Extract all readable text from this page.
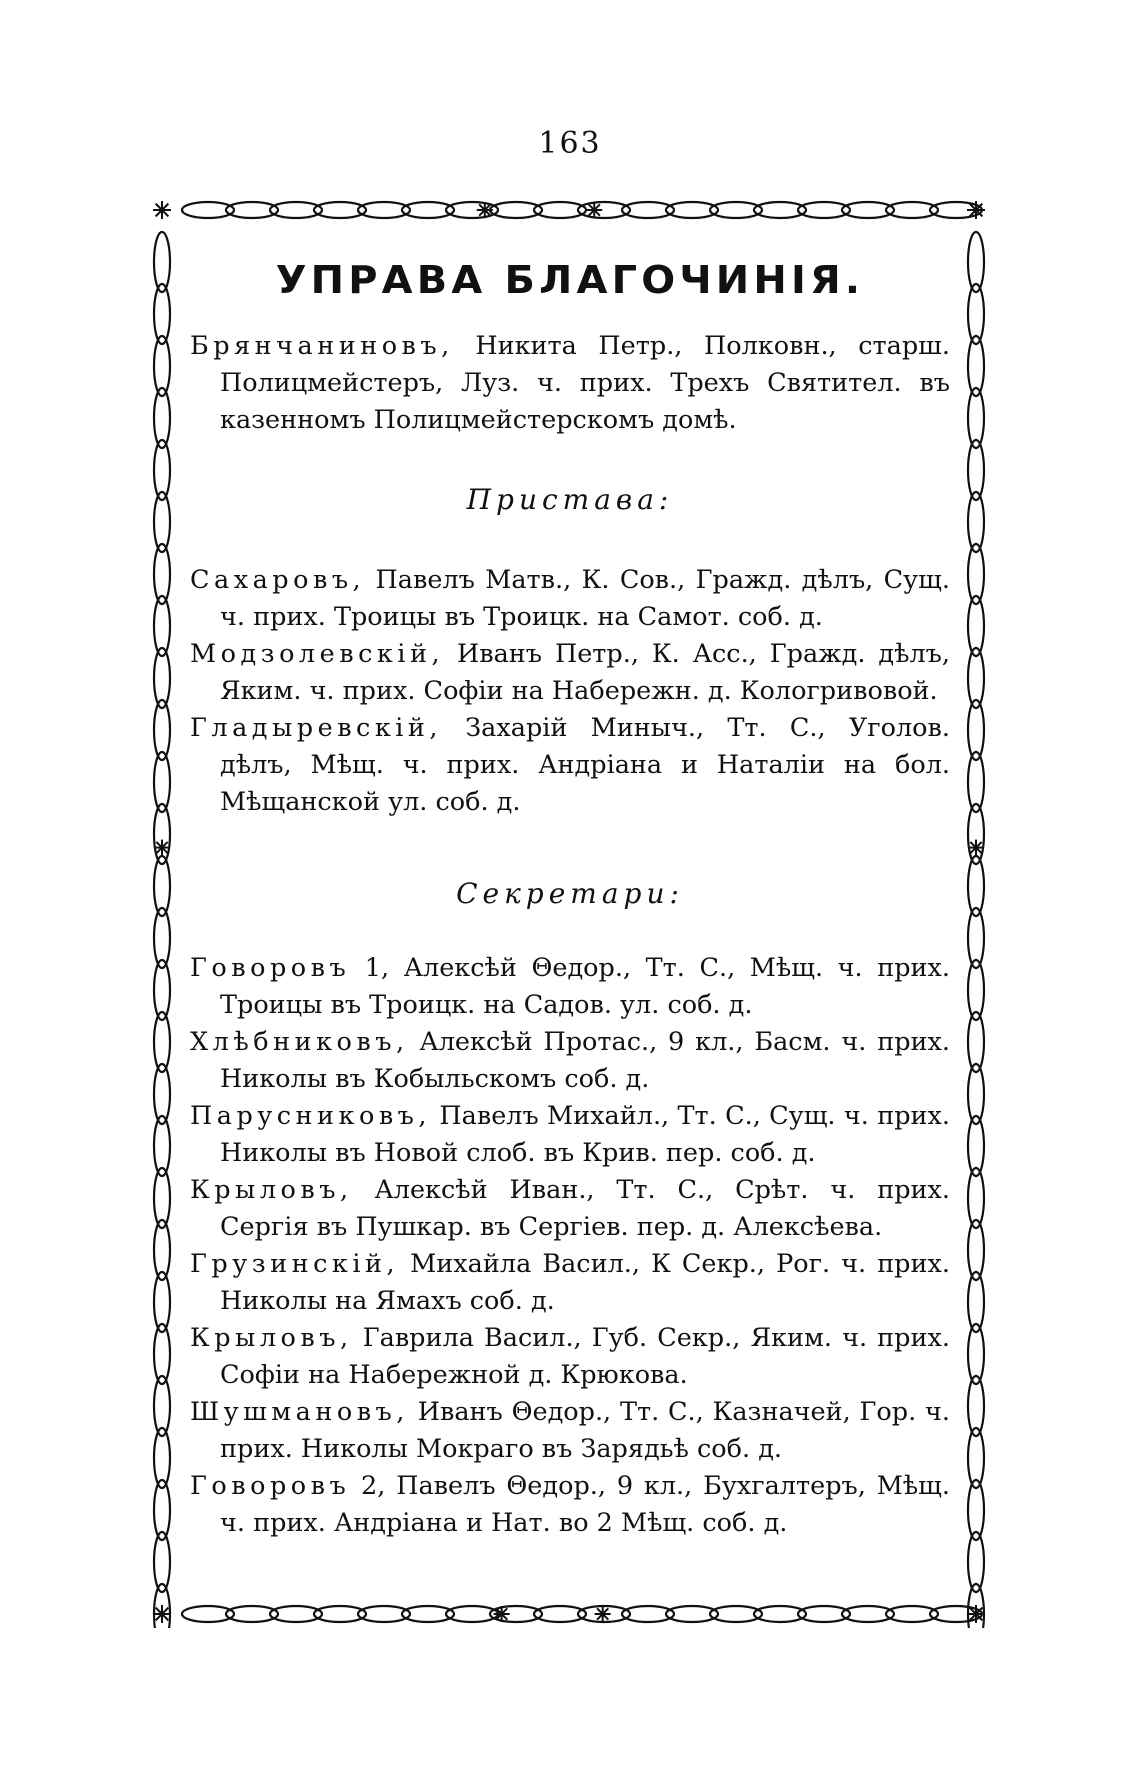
163
УПРАВА БЛАГОЧИНІЯ.

Брянчаниновъ, Никита Петр., Полковн., старш. Полицмейстеръ, Луз. ч. прих. Трехъ Святител. въ казенномъ Полицмейстерскомъ домѣ.

Пристава:

Сахаровъ, Павелъ Матв., К. Сов., Гражд. дѣлъ, Сущ. ч. прих. Троицы въ Троицк. на Самот. соб. д.

Модзолевскій, Иванъ Петр., К. Асс., Гражд. дѣлъ, Яким. ч. прих. Софіи на Набережн. д. Кологривовой.

Гладыревскій, Захарій Миныч., Тт. С., Уголов. дѣлъ, Мѣщ. ч. прих. Андріана и Наталіи на бол. Мѣщанской ул. соб. д.

Секретари:

Говоровъ 1, Алексѣй Θедор., Тт. С., Мѣщ. ч. прих. Троицы въ Троицк. на Садов. ул. соб. д.

Хлѣбниковъ, Алексѣй Протас., 9 кл., Басм. ч. прих. Николы въ Кобыльскомъ соб. д.

Парусниковъ, Павелъ Михайл., Тт. С., Сущ. ч. прих. Николы въ Новой слоб. въ Крив. пер. соб. д.

Крыловъ, Алексѣй Иван., Тт. С., Срѣт. ч. прих. Сергія въ Пушкар. въ Сергіев. пер. д. Алексѣева.

Грузинскій, Михайла Васил., К Секр., Рог. ч. прих. Николы на Ямахъ соб. д.

Крыловъ, Гаврила Васил., Губ. Секр., Яким. ч. прих. Софіи на Набережной д. Крюкова.

Шушмановъ, Иванъ Θедор., Тт. С., Казначей, Гор. ч. прих. Николы Мокраго въ Зарядьѣ соб. д.

Говоровъ 2, Павелъ Θедор., 9 кл., Бухгалтеръ, Мѣщ. ч. прих. Андріана и Нат. во 2 Мѣщ. соб. д.
